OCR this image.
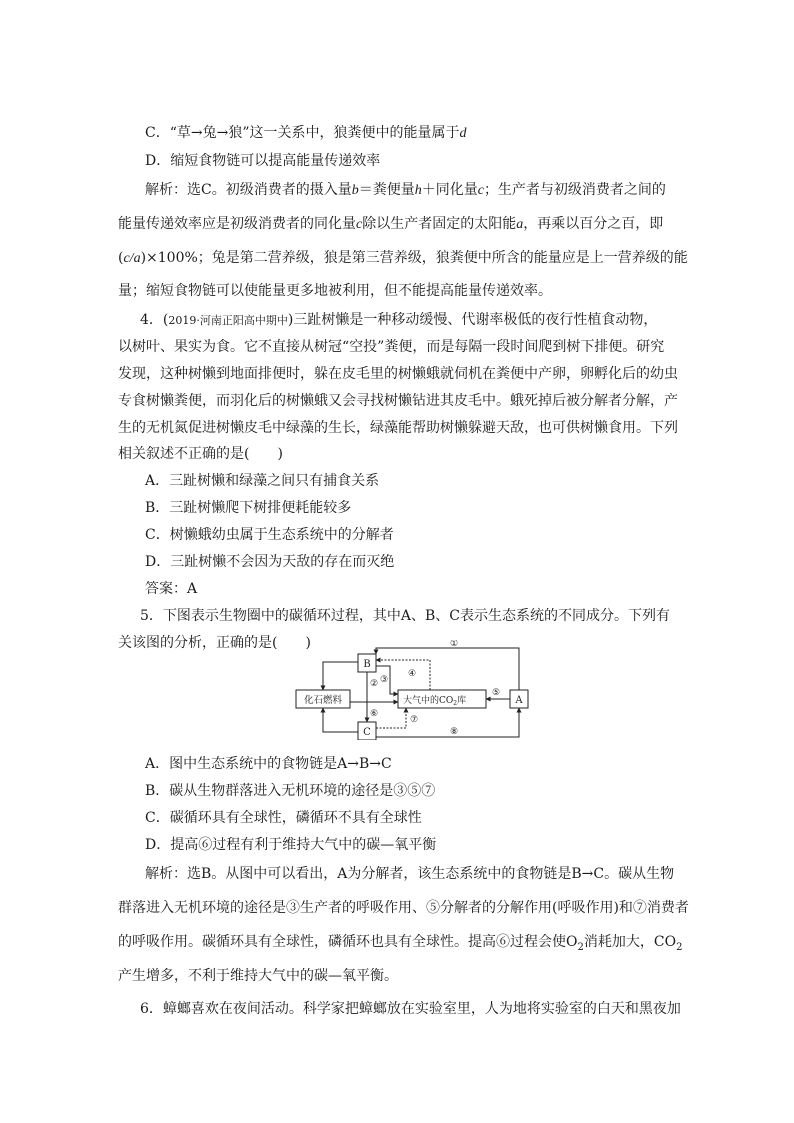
C．“草→兔→狼”这一关系中，狼粪便中的能量属于d
D．缩短食物链可以提高能量传递效率
解析：选C。初级消费者的摄入量b＝粪便量h＋同化量c；生产者与初级消费者之间的
能量传递效率应是初级消费者的同化量c除以生产者固定的太阳能a，再乘以百分之百，即
(c/a)×100%；兔是第二营养级，狼是第三营养级，狼粪便中所含的能量应是上一营养级的能
量；缩短食物链可以使能量更多地被利用，但不能提高能量传递效率。
4．(2019·河南正阳高中期中)三趾树懒是一种移动缓慢、代谢率极低的夜行性植食动物，
以树叶、果实为食。它不直接从树冠“空投”粪便，而是每隔一段时间爬到树下排便。研究
发现，这种树懒到地面排便时，躲在皮毛里的树懒蛾就伺机在粪便中产卵，卵孵化后的幼虫
专食树懒粪便，而羽化后的树懒蛾又会寻找树懒钻进其皮毛中。蛾死掉后被分解者分解，产
生的无机氮促进树懒皮毛中绿藻的生长，绿藻能帮助树懒躲避天敌，也可供树懒食用。下列
相关叙述不正确的是(　　)
A．三趾树懒和绿藻之间只有捕食关系
B．三趾树懒爬下树排便耗能较多
C．树懒蛾幼虫属于生态系统中的分解者
D．三趾树懒不会因为天敌的存在而灭绝
答案：A
5．下图表示生物圈中的碳循环过程，其中A、B、C表示生态系统的不同成分。下列有
关该图的分析，正确的是(　　)
B
A
C
化石燃料	大气中的$CO_2$库
①
② ③
④
⑤
⑥
⑦
⑧
A．图中生态系统中的食物链是A→B→C
B．碳从生物群落进入无机环境的途径是③⑤⑦
C．碳循环具有全球性，磷循环不具有全球性
D．提高⑥过程有利于维持大气中的碳—氧平衡
解析：选B。从图中可以看出，A为分解者，该生态系统中的食物链是B→C。碳从生物
群落进入无机环境的途径是③生产者的呼吸作用、⑤分解者的分解作用(呼吸作用)和⑦消费者
的呼吸作用。碳循环具有全球性，磷循环也具有全球性。提高⑥过程会使$O_2$消耗加大，$CO_2$
产生增多，不利于维持大气中的碳—氧平衡。
6．蟑螂喜欢在夜间活动。科学家把蟑螂放在实验室里，人为地将实验室的白天和黑夜加
